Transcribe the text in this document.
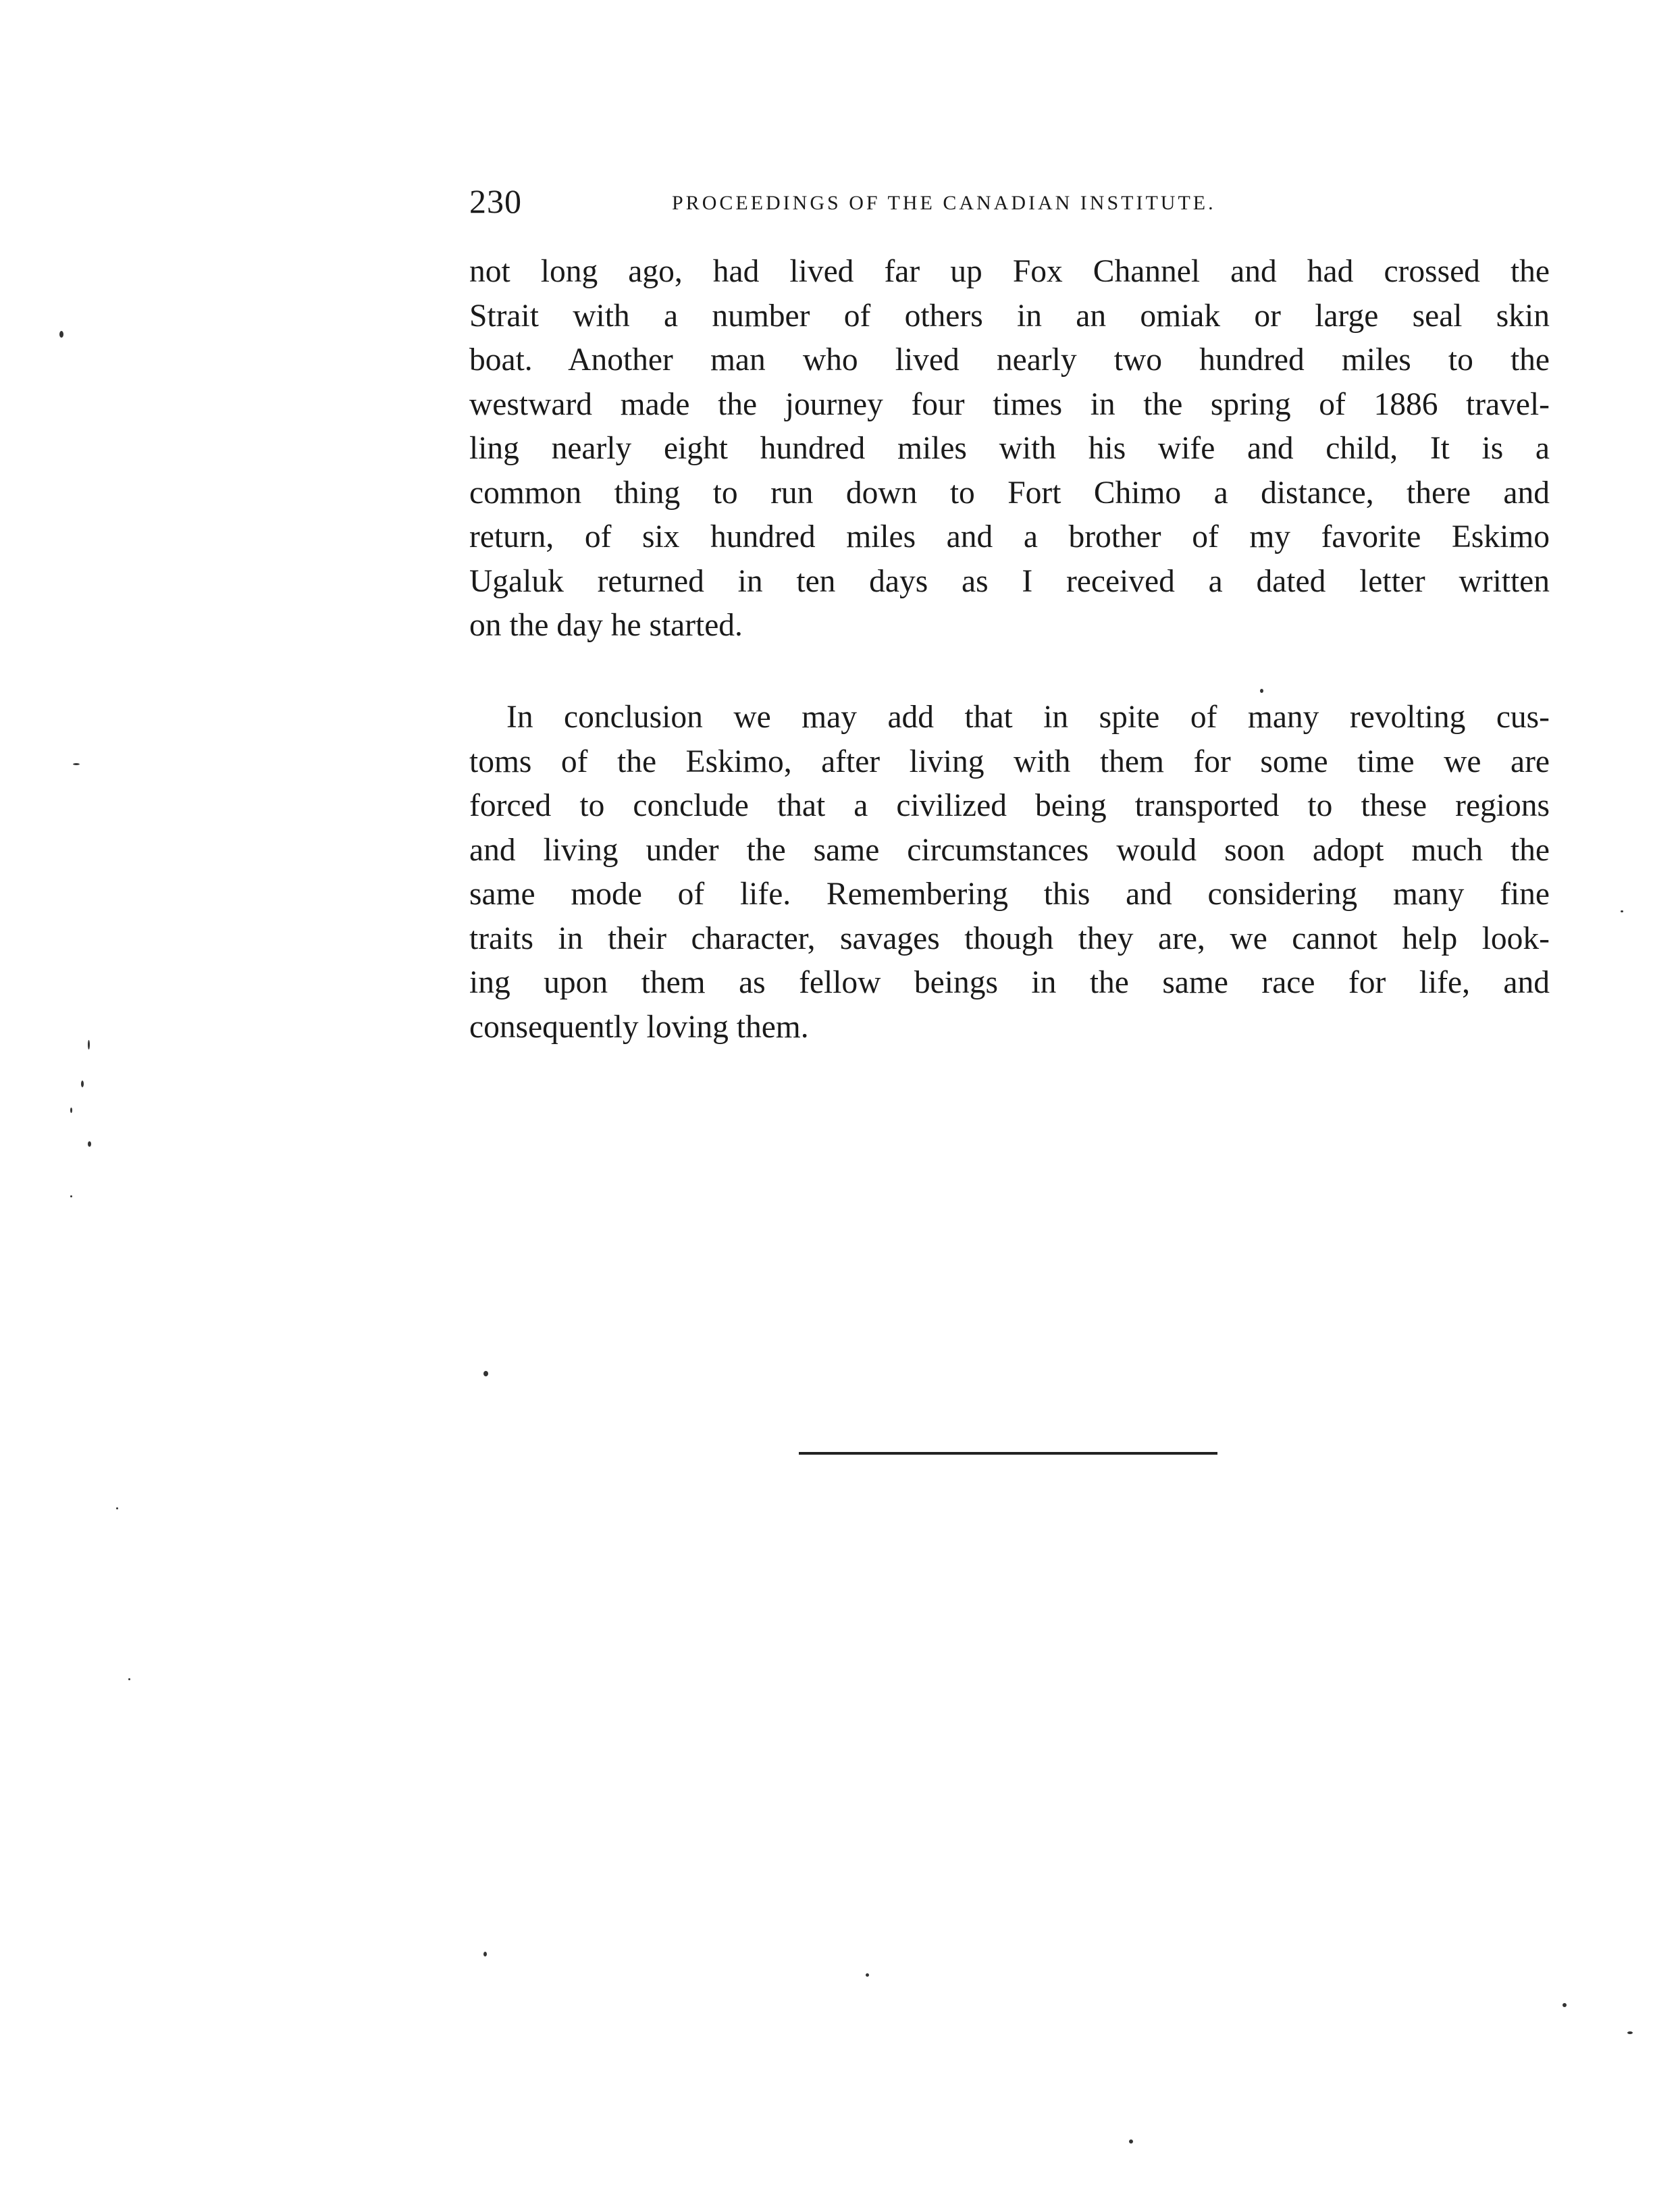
230	PROCEEDINGS OF THE CANADIAN INSTITUTE.
not long ago, had lived far up Fox Channel and had crossed the
Strait with a number of others in an omiak or large seal skin
boat. Another man who lived nearly two hundred miles to the
westward made the journey four times in the spring of 1886 travel-
ling nearly eight hundred miles with his wife and child, It is a
common thing to run down to Fort Chimo a distance, there and
return, of six hundred miles and a brother of my favorite Eskimo
Ugaluk returned in ten days as I received a dated letter written
on the day he started.
In conclusion we may add that in spite of many revolting cus-
toms of the Eskimo, after living with them for some time we are
forced to conclude that a civilized being transported to these regions
and living under the same circumstances would soon adopt much the
same mode of life. Remembering this and considering many fine
traits in their character, savages though they are, we cannot help look-
ing upon them as fellow beings in the same race for life, and
consequently loving them.
